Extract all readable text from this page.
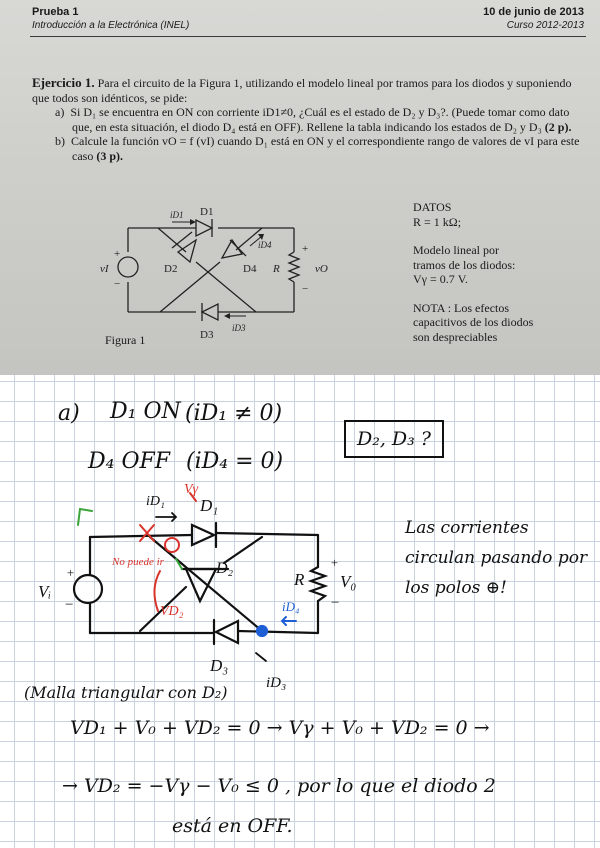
Prueba 1
Introducción a la Electrónica (INEL)
10 de junio de 2013
Curso 2012-2013
Ejercicio 1. Para el circuito de la Figura 1, utilizando el modelo lineal por tramos para los diodos y suponiendo que todos son idénticos, se pide:
a) Si D₁ se encuentra en ON con corriente iD1≠0, ¿Cuál es el estado de D₂ y D₃?. (Puede tomar como dato que, en esta situación, el diodo D₄ está en OFF). Rellene la tabla indicando los estados de D₂ y D₃ (2 p).
b) Calcule la función vO = f (vI) cuando D₁ está en ON y el correspondiente rango de valores de vI para este caso (3 p).
iD1 D1
D2	D4
D3
iD4
iD3
R
vI	vO
+
−
+
−
Figura 1
DATOS
R = 1 kΩ;
Modelo lineal por
tramos de los diodos:
Vγ = 0.7 V.
NOTA : Los efectos
capacitivos de los diodos
son despreciables
a) D₁ ON (iD₁ ≠ 0)
D₄ OFF (iD₄ = 0)
D₂, D₃ ?
Las corrientes circulan pasando por los polos ⊕!
iD₁
Vγ
D₁
D₂
D₃
iD₃
iD₄
R V₀
Vᵢ
VD₂
No puede ir
+
−
+
−
(Malla triangular con D₂)
VD₁ + V₀ + VD₂ = 0 → Vγ + V₀ + VD₂ = 0 →
→ VD₂ = −Vγ − V₀ ≤ 0 , por lo que el diodo 2
está en OFF.
